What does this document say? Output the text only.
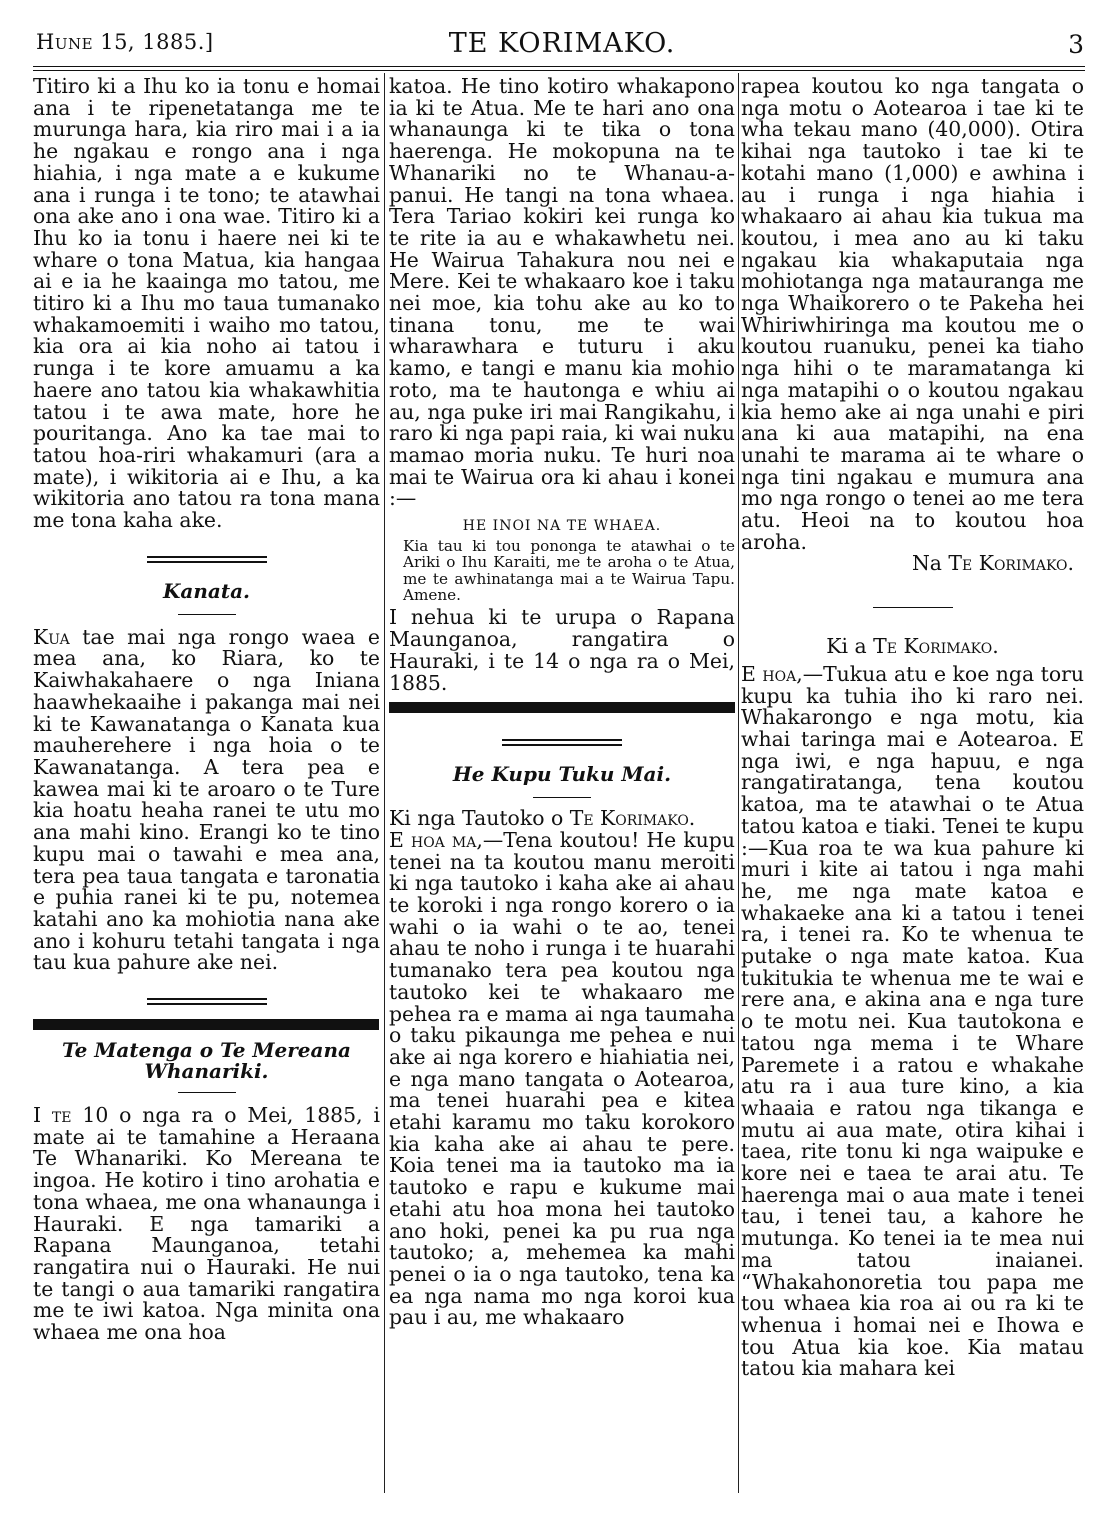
Hune 15, 1885.]	TE KORIMAKO.	3

Titiro ki a Ihu ko ia tonu e homai ana i te ripenetatanga me te murunga hara, kia riro mai i a ia he ngakau e rongo ana i nga hiahia, i nga mate a e kukume ana i runga i te tono; te atawhai ona ake ano i ona wae. Titiro ki a Ihu ko ia tonu i haere nei ki te whare o tona Matua, kia hangaa ai e ia he kaainga mo tatou, me titiro ki a Ihu mo taua tumanako whakamoemiti i waiho mo tatou, kia ora ai kia noho ai tatou i runga i te kore amuamu a ka haere ano tatou kia whakawhitia tatou i te awa mate, hore he pouritanga. Ano ka tae mai to tatou hoa-riri whakamuri (ara a mate), i wikitoria ai e Ihu, a ka wikitoria ano tatou ra tona mana me tona kaha ake.

Kanata.

Kua tae mai nga rongo waea e mea ana, ko Riara, ko te Kaiwhakahaere o nga Iniana haawhekaaihe i pakanga mai nei ki te Kawanatanga o Kanata kua mauherehere i nga hoia o te Kawanatanga. A tera pea e kawea mai ki te aroaro o te Ture kia hoatu heaha ranei te utu mo ana mahi kino. Erangi ko te tino kupu mai o tawahi e mea ana, tera pea taua tangata e taronatia e puhia ranei ki te pu, notemea katahi ano ka mohiotia nana ake ano i kohuru tetahi tangata i nga tau kua pahure ake nei.

Te Matenga o Te Mereana Whanariki.

I te 10 o nga ra o Mei, 1885, i mate ai te tamahine a Heraana Te Whanariki. Ko Mereana te ingoa. He kotiro i tino arohatia e tona whaea, me ona whanaunga i Hauraki. E nga tamariki a Rapana Maunganoa, tetahi rangatira nui o Hauraki. He nui te tangi o aua tamariki rangatira me te iwi katoa. Nga minita ona whaea me ona hoa

katoa. He tino kotiro whakapono ia ki te Atua. Me te hari ano ona whanaunga ki te tika o tona haerenga. He mokopuna na te Whanariki no te Whanau-a-panui. He tangi na tona whaea. Tera Tariao kokiri kei runga ko te rite ia au e whakawhetu nei. He Wairua Tahakura nou nei e Mere. Kei te whakaaro koe i taku nei moe, kia tohu ake au ko to tinana tonu, me te wai wharawhara e tuturu i aku kamo, e tangi e manu kia mohio roto, ma te hautonga e whiu ai au, nga puke iri mai Rangikahu, i raro ki nga papi raia, ki wai nuku mamao moria nuku. Te huri noa mai te Wairua ora ki ahau i konei :—

HE INOI NA TE WHAEA.

Kia tau ki tou pononga te atawhai o te Ariki o Ihu Karaiti, me te aroha o te Atua, me te awhinatanga mai a te Wairua Tapu. Amene.

I nehua ki te urupa o Rapana Maunganoa, rangatira o Hauraki, i te 14 o nga ra o Mei, 1885.

He Kupu Tuku Mai.

Ki nga Tautoko o Te Korimako.

E hoa ma,—Tena koutou! He kupu tenei na ta koutou manu meroiti ki nga tautoko i kaha ake ai ahau te koroki i nga rongo korero o ia wahi o ia wahi o te ao, tenei ahau te noho i runga i te huarahi tumanako tera pea koutou nga tautoko kei te whakaaro me pehea ra e mama ai nga taumaha o taku pikaunga me pehea e nui ake ai nga korero e hiahiatia nei, e nga mano tangata o Aotearoa, ma tenei huarahi pea e kitea etahi karamu mo taku korokoro kia kaha ake ai ahau te pere. Koia tenei ma ia tautoko ma ia tautoko e rapu e kukume mai etahi atu hoa mona hei tautoko ano hoki, penei ka pu rua nga tautoko; a, mehemea ka mahi penei o ia o nga tautoko, tena ka ea nga nama mo nga koroi kua pau i au, me whakaaro

rapea koutou ko nga tangata o nga motu o Aotearoa i tae ki te wha tekau mano (40,000). Otira kihai nga tautoko i tae ki te kotahi mano (1,000) e awhina i au i runga i nga hiahia i whakaaro ai ahau kia tukua ma koutou, i mea ano au ki taku ngakau kia whakaputaia nga mohiotanga nga matauranga me nga Whaikorero o te Pakeha hei Whiriwhiringa ma koutou me o koutou ruanuku, penei ka tiaho nga hihi o te maramatanga ki nga matapihi o o koutou ngakau kia hemo ake ai nga unahi e piri ana ki aua matapihi, na ena unahi te marama ai te whare o nga tini ngakau e mumura ana mo nga rongo o tenei ao me tera atu. Heoi na to koutou hoa aroha.

Na Te Korimako.

Ki a Te Korimako.

E hoa,—Tukua atu e koe nga toru kupu ka tuhia iho ki raro nei. Whakarongo e nga motu, kia whai taringa mai e Aotearoa. E nga iwi, e nga hapuu, e nga rangatiratanga, tena koutou katoa, ma te atawhai o te Atua tatou katoa e tiaki. Tenei te kupu :—Kua roa te wa kua pahure ki muri i kite ai tatou i nga mahi he, me nga mate katoa e whakaeke ana ki a tatou i tenei ra, i tenei ra. Ko te whenua te putake o nga mate katoa. Kua tukitukia te whenua me te wai e rere ana, e akina ana e nga ture o te motu nei. Kua tautokona e tatou nga mema i te Whare Paremete i a ratou e whakahe atu ra i aua ture kino, a kia whaaia e ratou nga tikanga e mutu ai aua mate, otira kihai i taea, rite tonu ki nga waipuke e kore nei e taea te arai atu. Te haerenga mai o aua mate i tenei tau, i tenei tau, a kahore he mutunga. Ko tenei ia te mea nui ma tatou inaianei. “Whakahonoretia tou papa me tou whaea kia roa ai ou ra ki te whenua i homai nei e Ihowa e tou Atua kia koe. Kia matau tatou kia mahara kei
